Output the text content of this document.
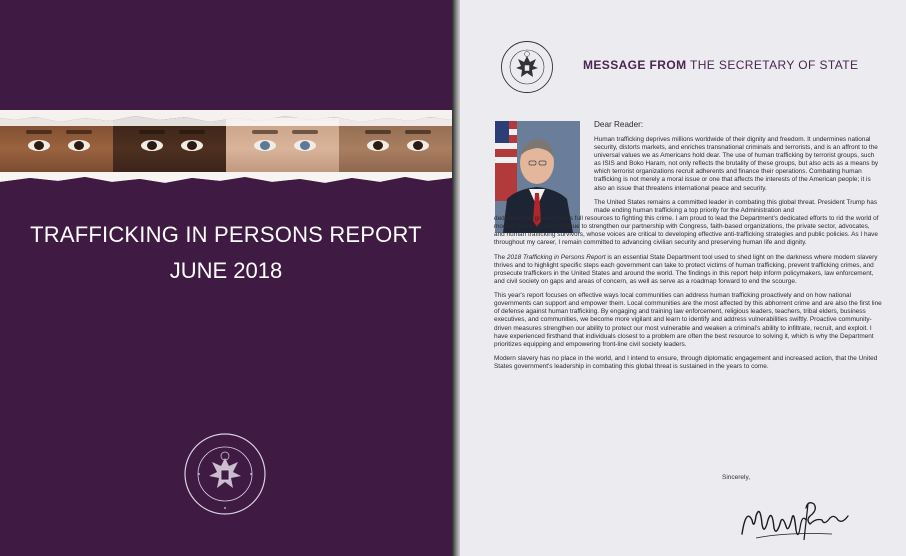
TRAFFICKING IN PERSONS REPORT
JUNE 2018
MESSAGE FROM THE SECRETARY OF STATE

Dear Reader:

Human trafficking deprives millions worldwide of their dignity and freedom. It undermines national security, distorts markets, and enriches transnational criminals and terrorists, and is an affront to the universal values we as Americans hold dear. The use of human trafficking by terrorist groups, such as ISIS and Boko Haram, not only reflects the brutality of these groups, but also acts as a means by which terrorist organizations recruit adherents and finance their operations. Combating human trafficking is not merely a moral issue or one that affects the interests of the American people; it is also an issue that threatens international peace and security.

The United States remains a committed leader in combating this global threat. President Trump has made ending human trafficking a top priority for the Administration and
dedicated the government's full resources to fighting this crime. I am proud to lead the Department's dedicated efforts to rid the world of modern slavery. I will continue to strengthen our partnership with Congress, faith-based organizations, the private sector, advocates, and human trafficking survivors, whose voices are critical to developing effective anti-trafficking strategies and public policies. As I have throughout my career, I remain committed to advancing civilian security and preserving human life and dignity.

The 2018 Trafficking in Persons Report is an essential State Department tool used to shed light on the darkness where modern slavery thrives and to highlight specific steps each government can take to protect victims of human trafficking, prevent trafficking crimes, and prosecute traffickers in the United States and around the world. The findings in this report help inform policymakers, law enforcement, and civil society on gaps and areas of concern, as well as serve as a roadmap forward to end the scourge.

This year's report focuses on effective ways local communities can address human trafficking proactively and on how national governments can support and empower them. Local communities are the most affected by this abhorrent crime and are also the first line of defense against human trafficking. By engaging and training law enforcement, religious leaders, teachers, tribal elders, business executives, and communities, we become more vigilant and learn to identify and address vulnerabilities swiftly. Proactive community-driven measures strengthen our ability to protect our most vulnerable and weaken a criminal's ability to infiltrate, recruit, and exploit. I have experienced firsthand that individuals closest to a problem are often the best resource to solving it, which is why the Department prioritizes equipping and empowering front-line civil society leaders.

Modern slavery has no place in the world, and I intend to ensure, through diplomatic engagement and increased action, that the United States government's leadership in combating this global threat is sustained in the years to come.

Sincerely,
